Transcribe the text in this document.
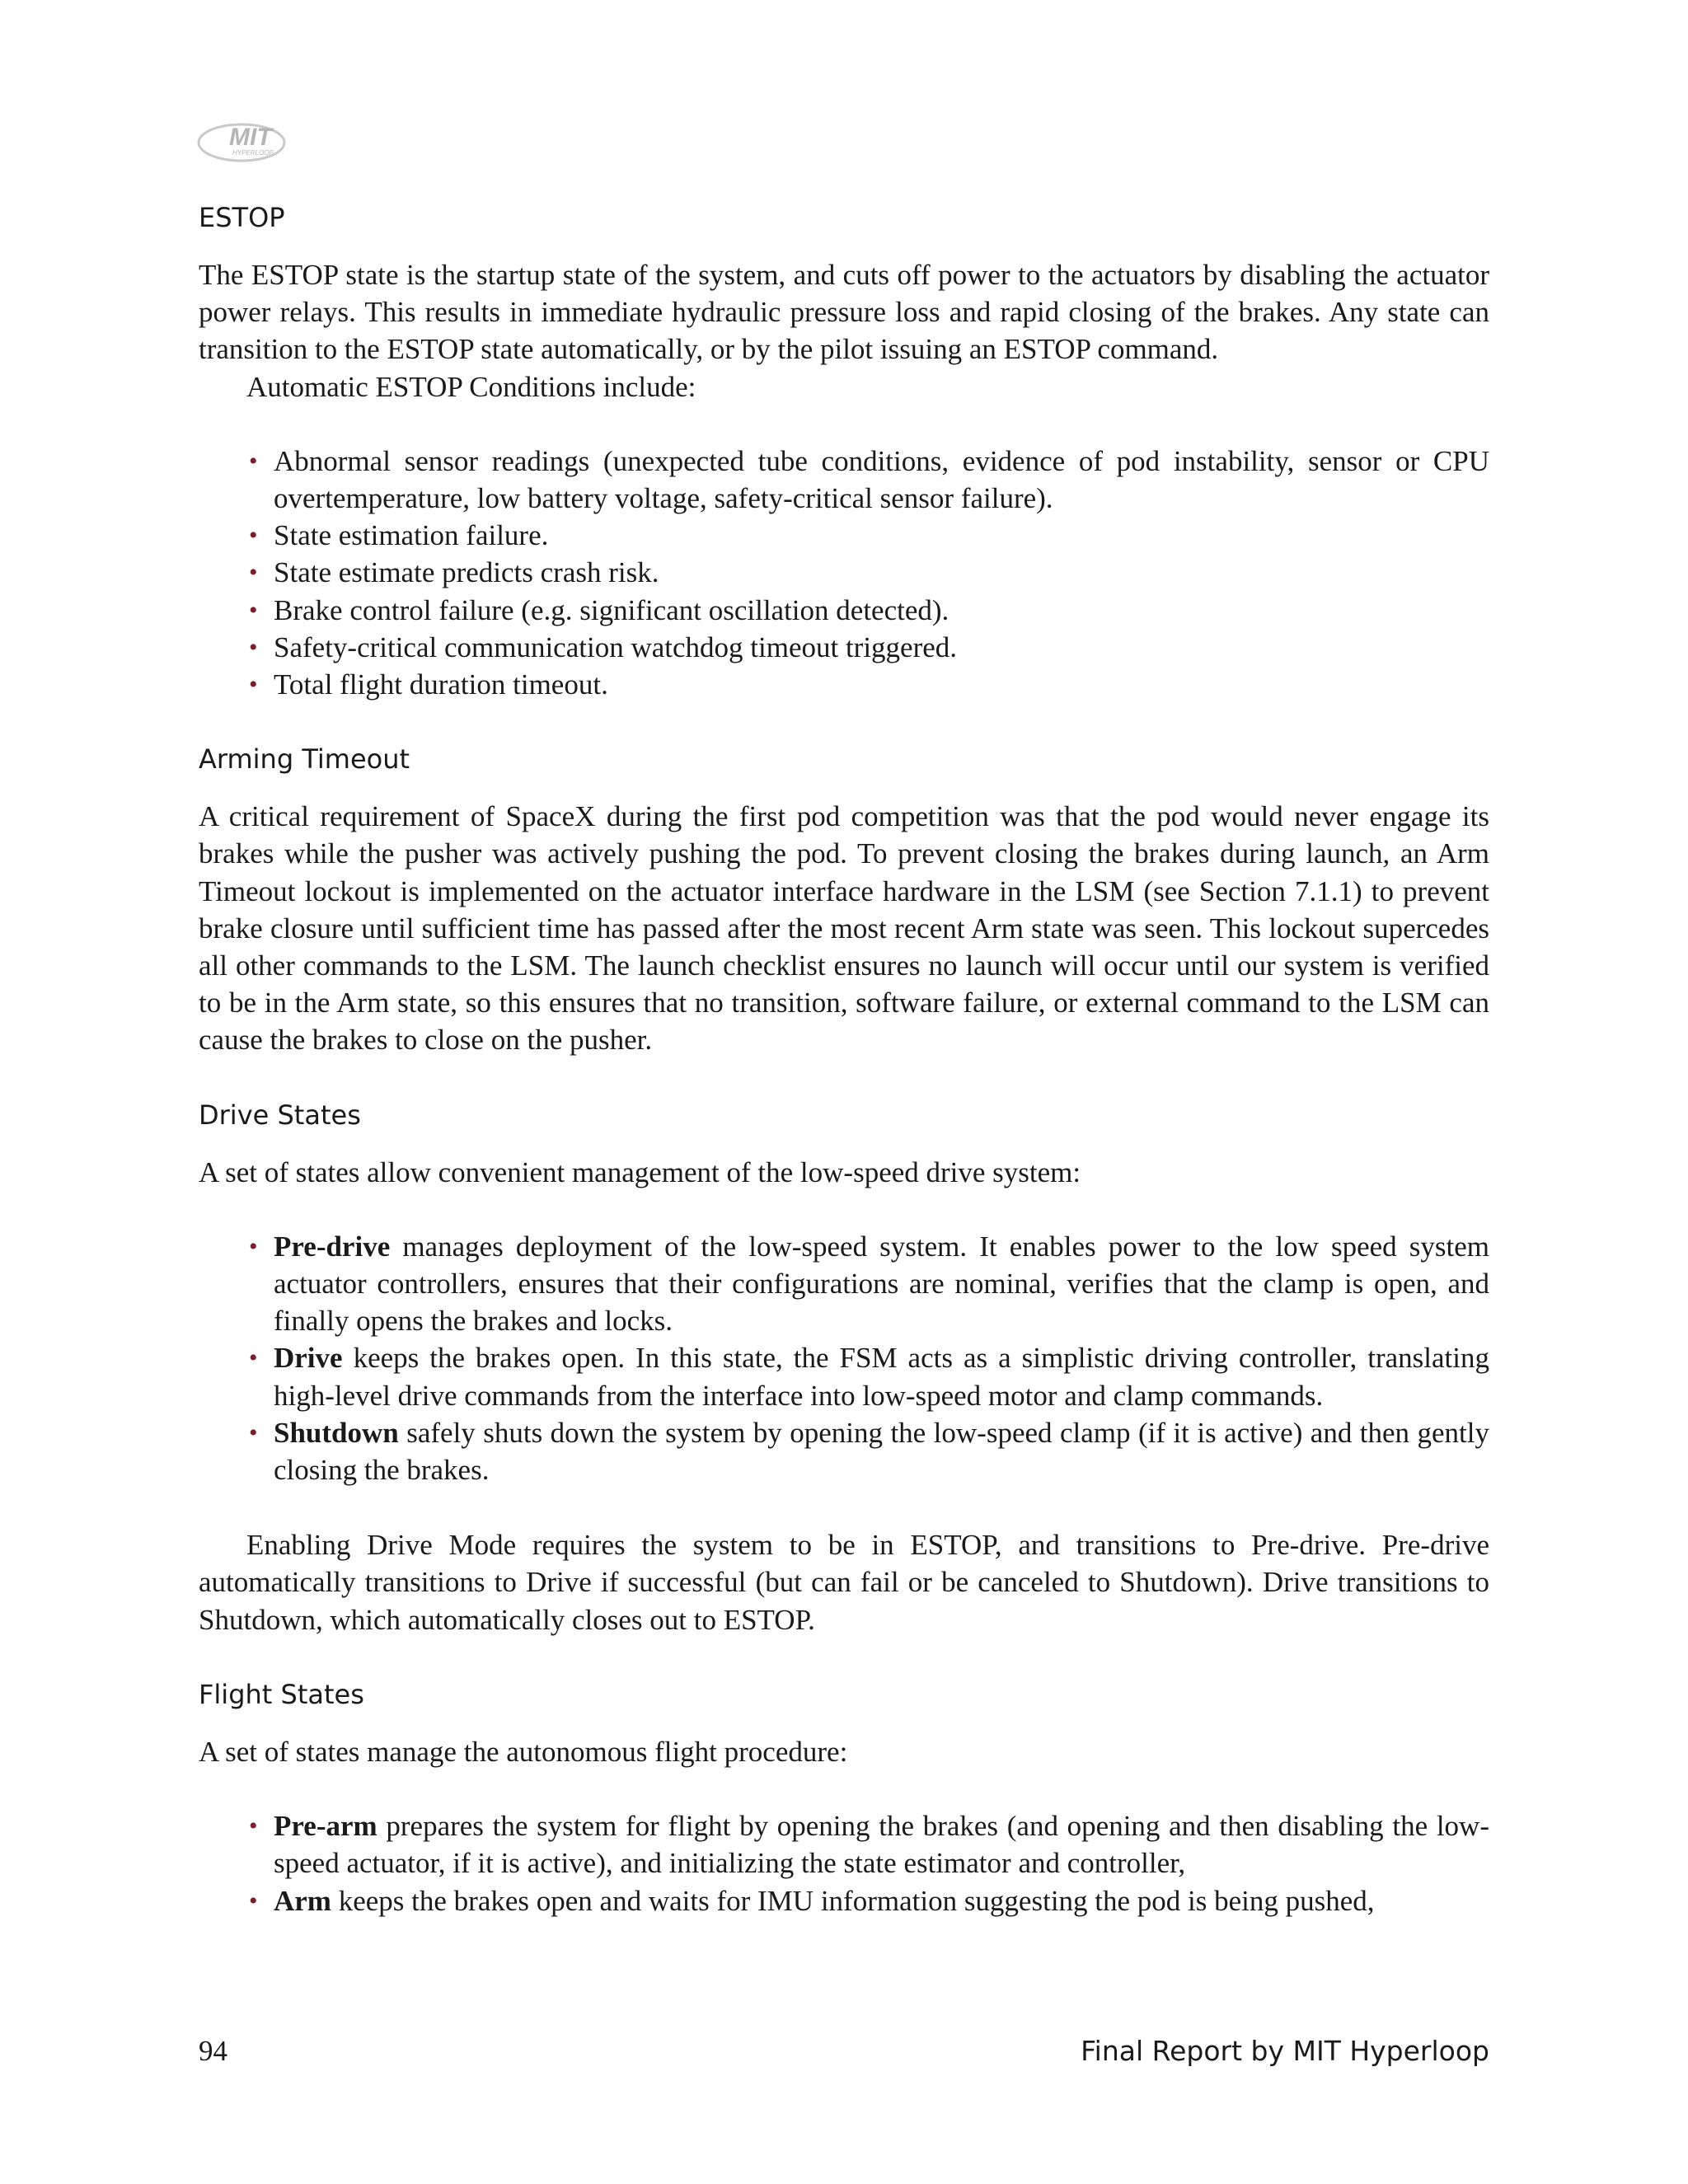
MIT
HYPERLOOP
ESTOP

The ESTOP state is the startup state of the system, and cuts off power to the actuators by disabling the actuator power relays. This results in immediate hydraulic pressure loss and rapid closing of the brakes. Any state can transition to the ESTOP state automatically, or by the pilot issuing an ESTOP command.

Automatic ESTOP Conditions include:

• Abnormal sensor readings (unexpected tube conditions, evidence of pod instability, sensor or CPU overtemperature, low battery voltage, safety-critical sensor failure).
• State estimation failure.
• State estimate predicts crash risk.
• Brake control failure (e.g. significant oscillation detected).
• Safety-critical communication watchdog timeout triggered.
• Total flight duration timeout.
Arming Timeout

A critical requirement of SpaceX during the first pod competition was that the pod would never engage its brakes while the pusher was actively pushing the pod. To prevent closing the brakes during launch, an Arm Timeout lockout is implemented on the actuator interface hardware in the LSM (see Section 7.1.1) to prevent brake closure until sufficient time has passed after the most recent Arm state was seen. This lockout supercedes all other commands to the LSM. The launch checklist ensures no launch will occur until our system is verified to be in the Arm state, so this ensures that no transition, software failure, or external command to the LSM can cause the brakes to close on the pusher.

Drive States

A set of states allow convenient management of the low-speed drive system:

• Pre-drive manages deployment of the low-speed system. It enables power to the low speed system actuator controllers, ensures that their configurations are nominal, verifies that the clamp is open, and finally opens the brakes and locks.
• Drive keeps the brakes open. In this state, the FSM acts as a simplistic driving controller, translating high-level drive commands from the interface into low-speed motor and clamp commands.
• Shutdown safely shuts down the system by opening the low-speed clamp (if it is active) and then gently closing the brakes.

Enabling Drive Mode requires the system to be in ESTOP, and transitions to Pre-drive. Pre-drive automatically transitions to Drive if successful (but can fail or be canceled to Shutdown). Drive transitions to Shutdown, which automatically closes out to ESTOP.

Flight States

A set of states manage the autonomous flight procedure:

• Pre-arm prepares the system for flight by opening the brakes (and opening and then disabling the low-speed actuator, if it is active), and initializing the state estimator and controller,
• Arm keeps the brakes open and waits for IMU information suggesting the pod is being pushed,
94	Final Report by MIT Hyperloop
